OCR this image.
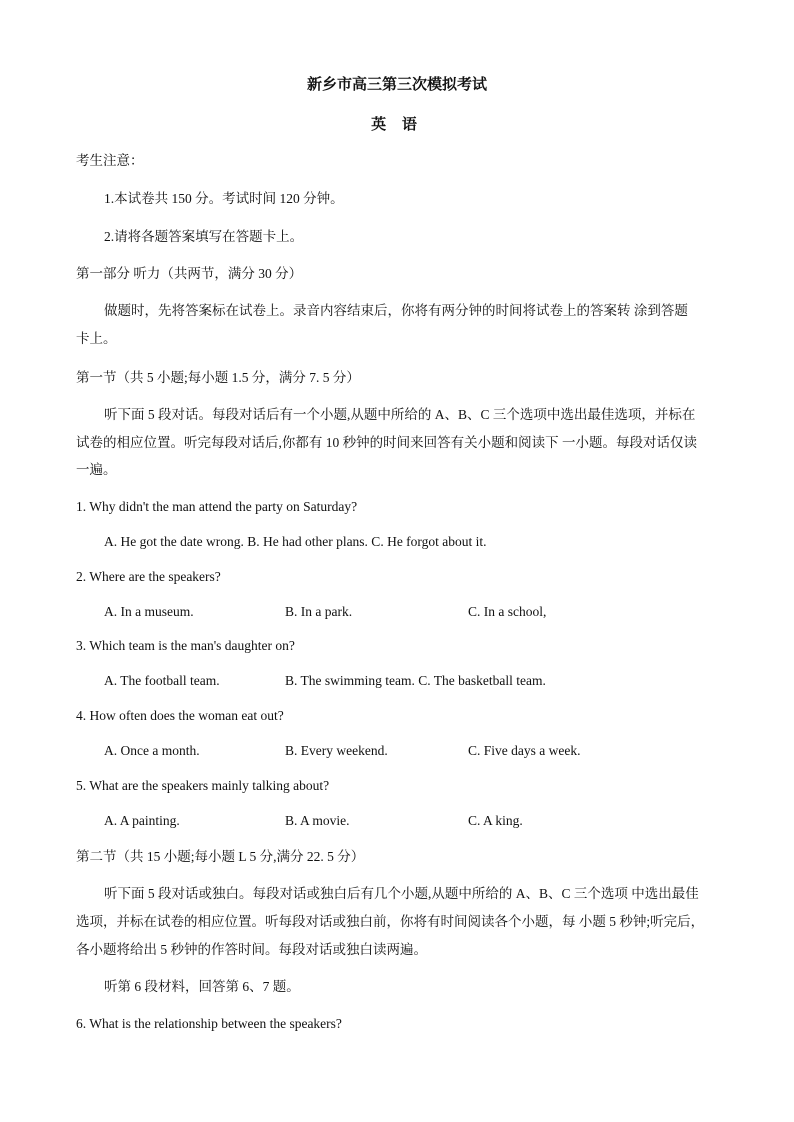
新乡市高三第三次模拟考试
英 语
考生注意：
1.本试卷共 150 分。考试时间 120 分钟。
2.请将各题答案填写在答题卡上。
第一部分 听力（共两节，满分 30 分）
做题时，先将答案标在试卷上。录音内容结束后，你将有两分钟的时间将试卷上的答案转 涂到答题
卡上。
第一节（共 5 小题;每小题 1.5 分，满分 7. 5 分）
听下面 5 段对话。每段对话后有一个小题,从题中所给的 A、B、C 三个选项中选出最佳选项，并标在
试卷的相应位置。听完每段对话后,你都有 10 秒钟的时间来回答有关小题和阅读下 一小题。每段对话仅读
一遍。
1. Why didn't the man attend the party on Saturday?
A. He got the date wrong. B. He had other plans. C. He forgot about it.
2. Where are the speakers?
A. In a museum.	B. In a park.	C. In a school,
3. Which team is the man's daughter on?
A. The football team.	B. The swimming team. C. The basketball team.
4. How often does the woman eat out?
A. Once a month.	B. Every weekend.	C. Five days a week.
5. What are the speakers mainly talking about?
A. A painting.	B. A movie.	C. A king.
第二节（共 15 小题;每小题 L 5 分,满分 22. 5 分）
听下面 5 段对话或独白。每段对话或独白后有几个小题,从题中所给的 A、B、C 三个选项 中选出最佳
选项，并标在试卷的相应位置。听每段对话或独白前，你将有时间阅读各个小题，每 小题 5 秒钟;听完后，
各小题将给出 5 秒钟的作答时间。每段对话或独白读两遍。
听第 6 段材料，回答第 6、7 题。
6. What is the relationship between the speakers?
